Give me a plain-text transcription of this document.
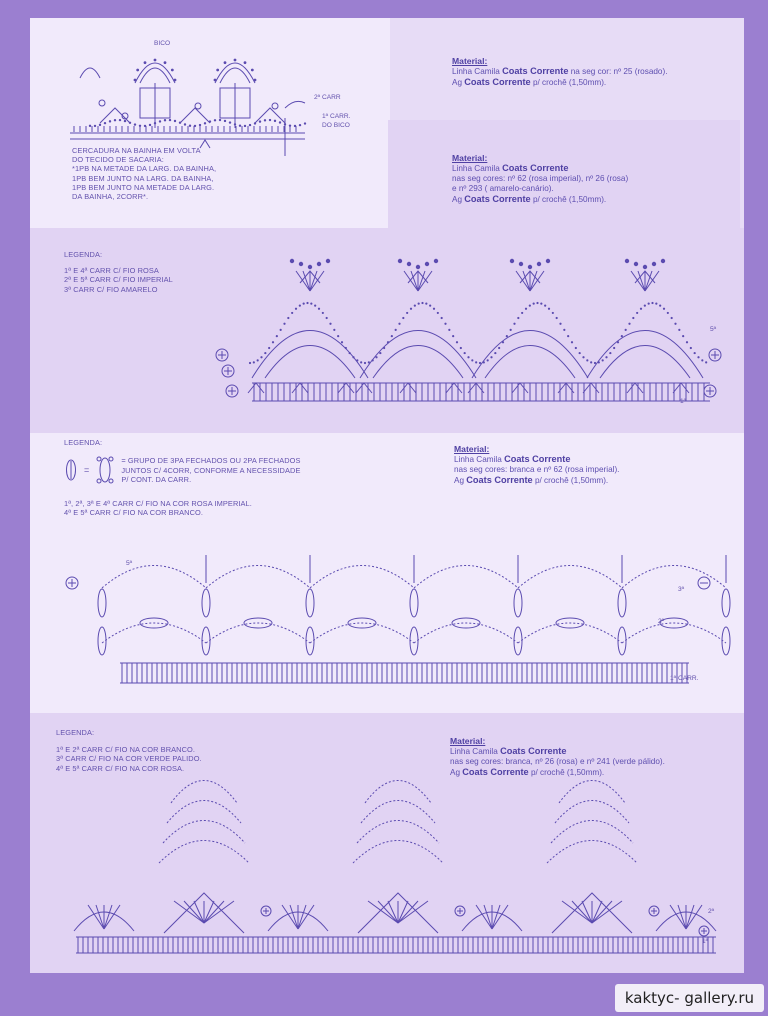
BICO
2ª CARR
1ª CARR.
DO BICO
CERCADURA NA BAINHA EM VOLTA
DO TECIDO DE SACARIA:
*1PB NA METADE DA LARG. DA BAINHA,
1PB BEM JUNTO NA LARG. DA BAINHA,
1PB BEM JUNTO NA METADE DA LARG.
DA BAINHA, 2CORR*.
Material:
Linha Camila Coats Corrente na seg cor: nº 25 (rosado).
Ag Coats Corrente p/ crochê (1,50mm).
Material:
Linha Camila Coats Corrente
nas seg cores: nº 62 (rosa imperial), nº 26 (rosa)
e nº 293 ( amarelo-canário).
Ag Coats Corrente p/ crochê (1,50mm).
LEGENDA:
1ª E 4ª CARR C/ FIO ROSA
2ª E 5ª CARR C/ FIO IMPERIAL
3ª CARR C/ FIO AMARELO
5ª
1ª
LEGENDA:
=
= GRUPO DE 3PA FECHADOS OU 2PA FECHADOS
JUNTOS C/ 4CORR, CONFORME A NECESSIDADE
P/ CONT. DA CARR.
1ª, 2ª, 3ª E 4ª CARR C/ FIO NA COR ROSA IMPERIAL.
4ª E 5ª CARR C/ FIO NA COR BRANCO.
Material:
Linha Camila Coats Corrente
nas seg cores: branca e nº 62 (rosa imperial).
Ag Coats Corrente p/ crochê (1,50mm).
5ª
3ª
2ª
1ª CARR.
LEGENDA:
1ª E 2ª CARR C/ FIO NA COR BRANCO.
3ª CARR C/ FIO NA COR VERDE PALIDO.
4ª E 5ª CARR C/ FIO NA COR ROSA.
Material:
Linha Camila Coats Corrente
nas seg cores: branca, nº 26 (rosa) e nº 241 (verde pálido).
Ag Coats Corrente p/ crochê (1,50mm).
2ª
1ª
kaktyc- gallery.ru
